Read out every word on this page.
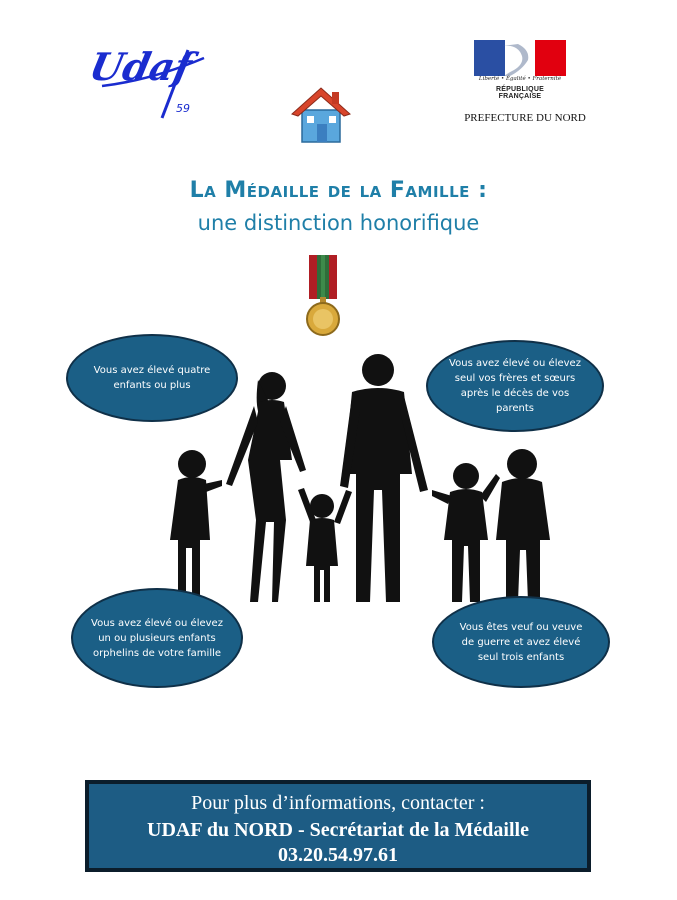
Udaf
59
Liberté • Égalité • Fraternité
RÉPUBLIQUE FRANÇAISE
PREFECTURE DU NORD
La Médaille de la Famille :
une distinction honorifique
Vous avez élevé quatre enfants ou plus
Vous avez élevé ou élevez seul vos frères et sœurs après le décès de vos parents
Vous avez élevé ou élevez un ou plusieurs enfants orphelins de votre famille
Vous êtes veuf ou veuve de guerre et avez élevé seul trois enfants
Pour plus d’informations, contacter :
UDAF du NORD - Secrétariat de la Médaille
03.20.54.97.61
